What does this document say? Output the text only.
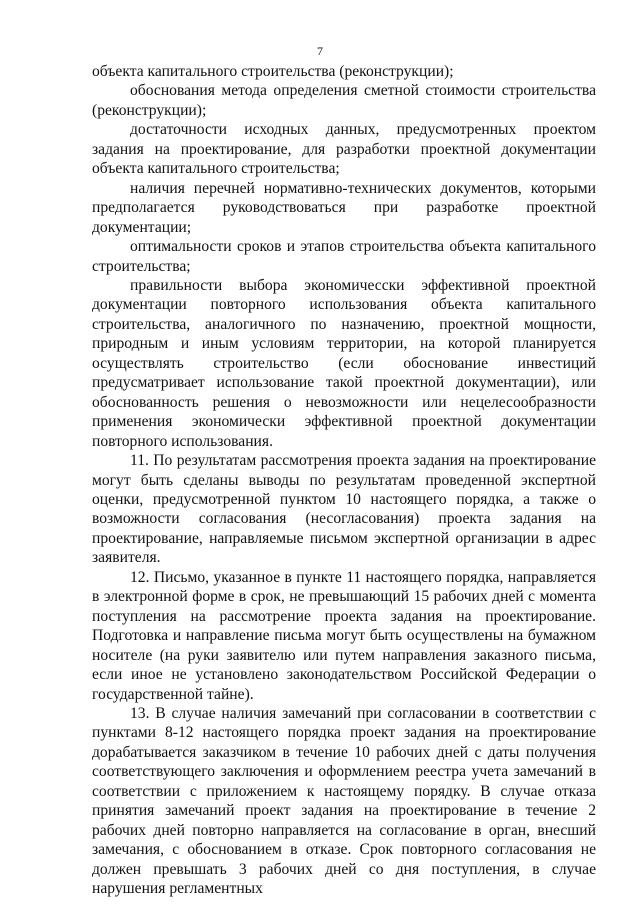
7

объекта капитального строительства (реконструкции);

обоснования метода определения сметной стоимости строительства (реконструкции);

достаточности исходных данных, предусмотренных проектом задания на проектирование, для разработки проектной документации объекта капитального строительства;

наличия перечней нормативно-технических документов, которыми предполагается руководствоваться при разработке проектной документации;

оптимальности сроков и этапов строительства объекта капитального строительства;

правильности выбора экономичесски эффективной проектной документации повторного использования объекта капитального строительства, аналогичного по назначению, проектной мощности, природным и иным условиям территории, на которой планируется осуществлять строительство (если обоснование инвестиций предусматривает использование такой проектной документации), или обоснованность решения о невозможности или нецелесообразности применения экономически эффективной проектной документации повторного использования.

11. По результатам рассмотрения проекта задания на проектирование могут быть сделаны выводы по результатам проведенной экспертной оценки, предусмотренной пунктом 10 настоящего порядка, а также о возможности согласования (несогласования) проекта задания на проектирование, направляемые письмом экспертной организации в адрес заявителя.

12. Письмо, указанное в пункте 11 настоящего порядка, направляется в электронной форме в срок, не превышающий 15 рабочих дней с момента поступления на рассмотрение проекта задания на проектирование. Подготовка и направление письма могут быть осуществлены на бумажном носителе (на руки заявителю или путем направления заказного письма, если иное не установлено законодательством Российской Федерации о государственной тайне).

13. В случае наличия замечаний при согласовании в соответствии с пунктами 8-12 настоящего порядка проект задания на проектирование дорабатывается заказчиком в течение 10 рабочих дней с даты получения соответствующего заключения и оформлением реестра учета замечаний в соответствии с приложением к настоящему порядку. В случае отказа принятия замечаний проект задания на проектирование в течение 2 рабочих дней повторно направляется на согласование в орган, внесший замечания, с обоснованием в отказе. Срок повторного согласования не должен превышать 3 рабочих дней со дня поступления, в случае нарушения регламентных
